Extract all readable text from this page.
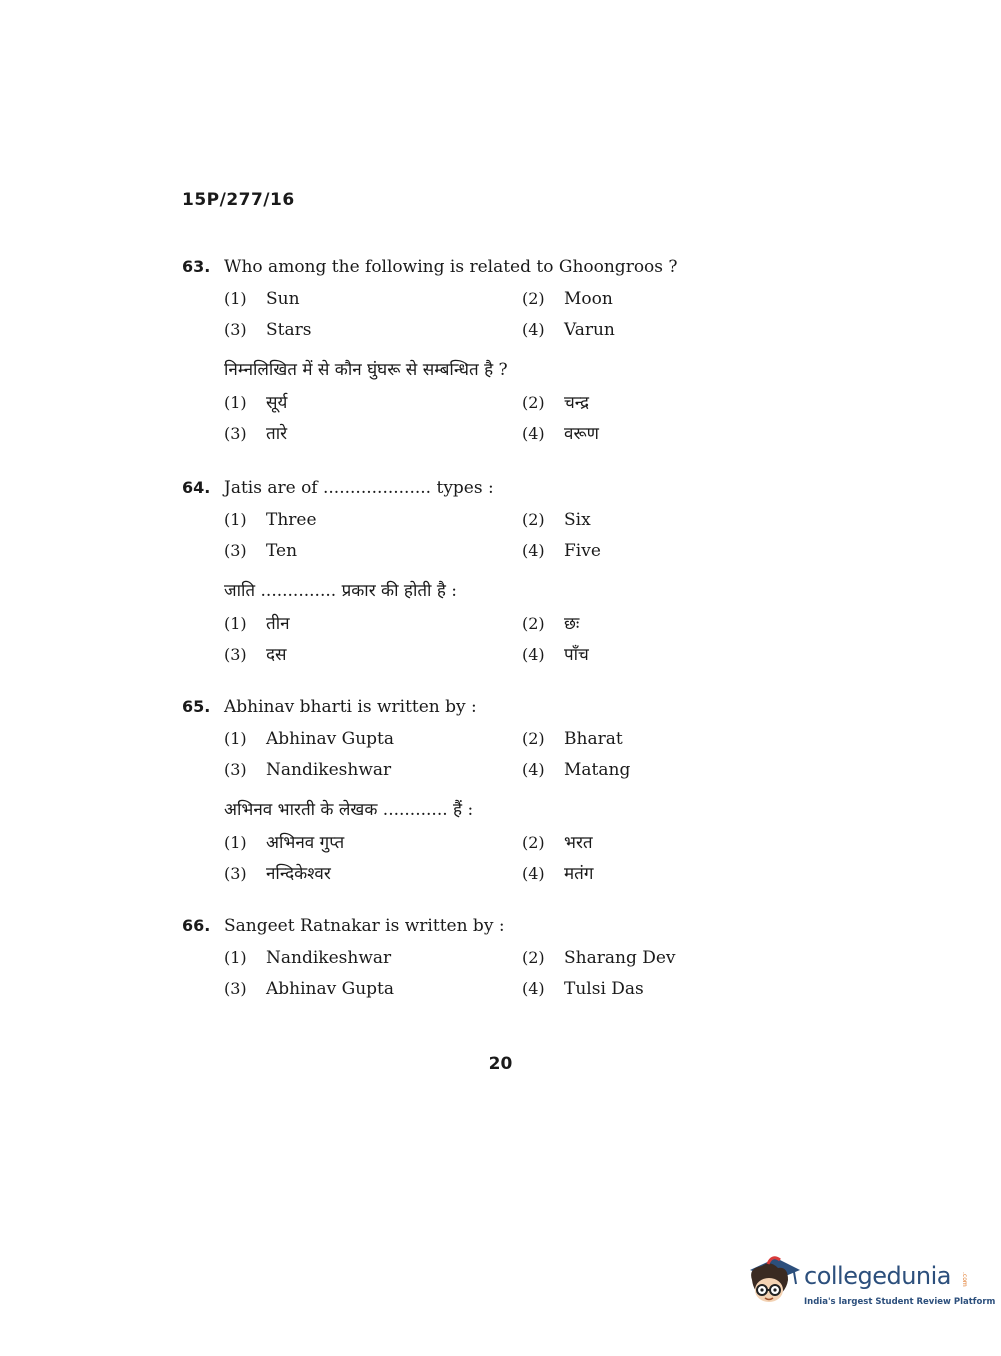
15P/277/16
63. Who among the following is related to Ghoongroos ?
(1) Sun	(2) Moon
(3) Stars	(4) Varun
निम्नलिखित में से कौन घुंघरू से सम्बन्धित है ?
(1) सूर्य	(2) चन्द्र
(3) तारे	(4) वरूण
64. Jatis are of .................... types :
(1) Three	(2) Six
(3) Ten	(4) Five
जाति .............. प्रकार की होती है :
(1) तीन	(2) छः
(3) दस	(4) पाँच
65. Abhinav bharti is written by :
(1) Abhinav Gupta	(2) Bharat
(3) Nandikeshwar	(4) Matang
अभिनव भारती के लेखक ............ हैं :
(1) अभिनव गुप्त	(2) भरत
(3) नन्दिकेश्वर	(4) मतंग
66. Sangeet Ratnakar is written by :
(1) Nandikeshwar	(2) Sharang Dev
(3) Abhinav Gupta	(4) Tulsi Das
20
collegedunia .com
India's largest Student Review Platform
